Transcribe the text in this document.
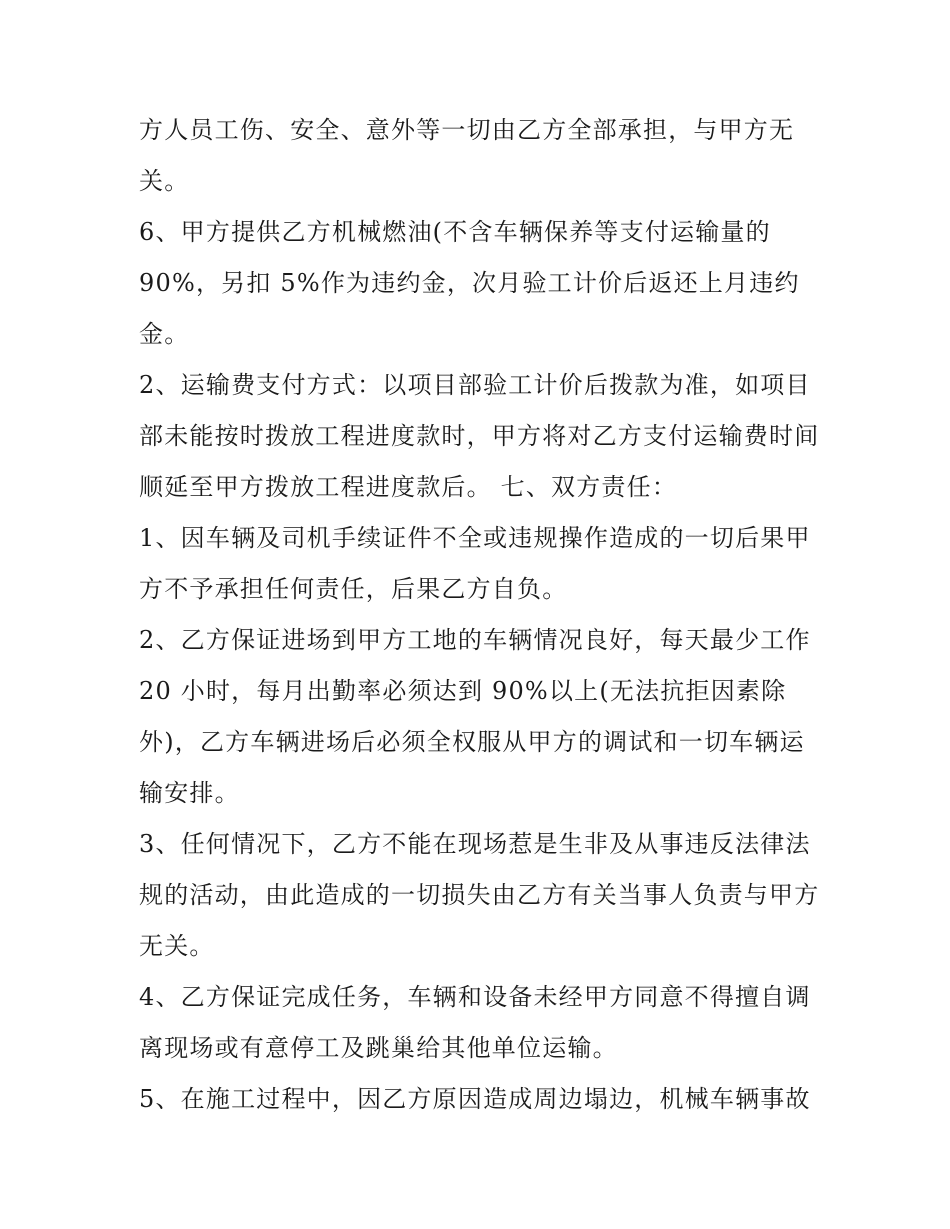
方人员工伤、安全、意外等一切由乙方全部承担，与甲方无
关。
6、甲方提供乙方机械燃油(不含车辆保养等支付运输量的
90%，另扣 5%作为违约金，次月验工计价后返还上月违约
金。
2、运输费支付方式：以项目部验工计价后拨款为准，如项目
部未能按时拨放工程进度款时，甲方将对乙方支付运输费时间
顺延至甲方拨放工程进度款后。 七、双方责任：
1、因车辆及司机手续证件不全或违规操作造成的一切后果甲
方不予承担任何责任，后果乙方自负。
2、乙方保证进场到甲方工地的车辆情况良好，每天最少工作
20 小时，每月出勤率必须达到 90%以上(无法抗拒因素除
外)，乙方车辆进场后必须全权服从甲方的调试和一切车辆运
输安排。
3、任何情况下，乙方不能在现场惹是生非及从事违反法律法
规的活动，由此造成的一切损失由乙方有关当事人负责与甲方
无关。
4、乙方保证完成任务，车辆和设备未经甲方同意不得擅自调
离现场或有意停工及跳巢给其他单位运输。
5、在施工过程中，因乙方原因造成周边塌边，机械车辆事故
